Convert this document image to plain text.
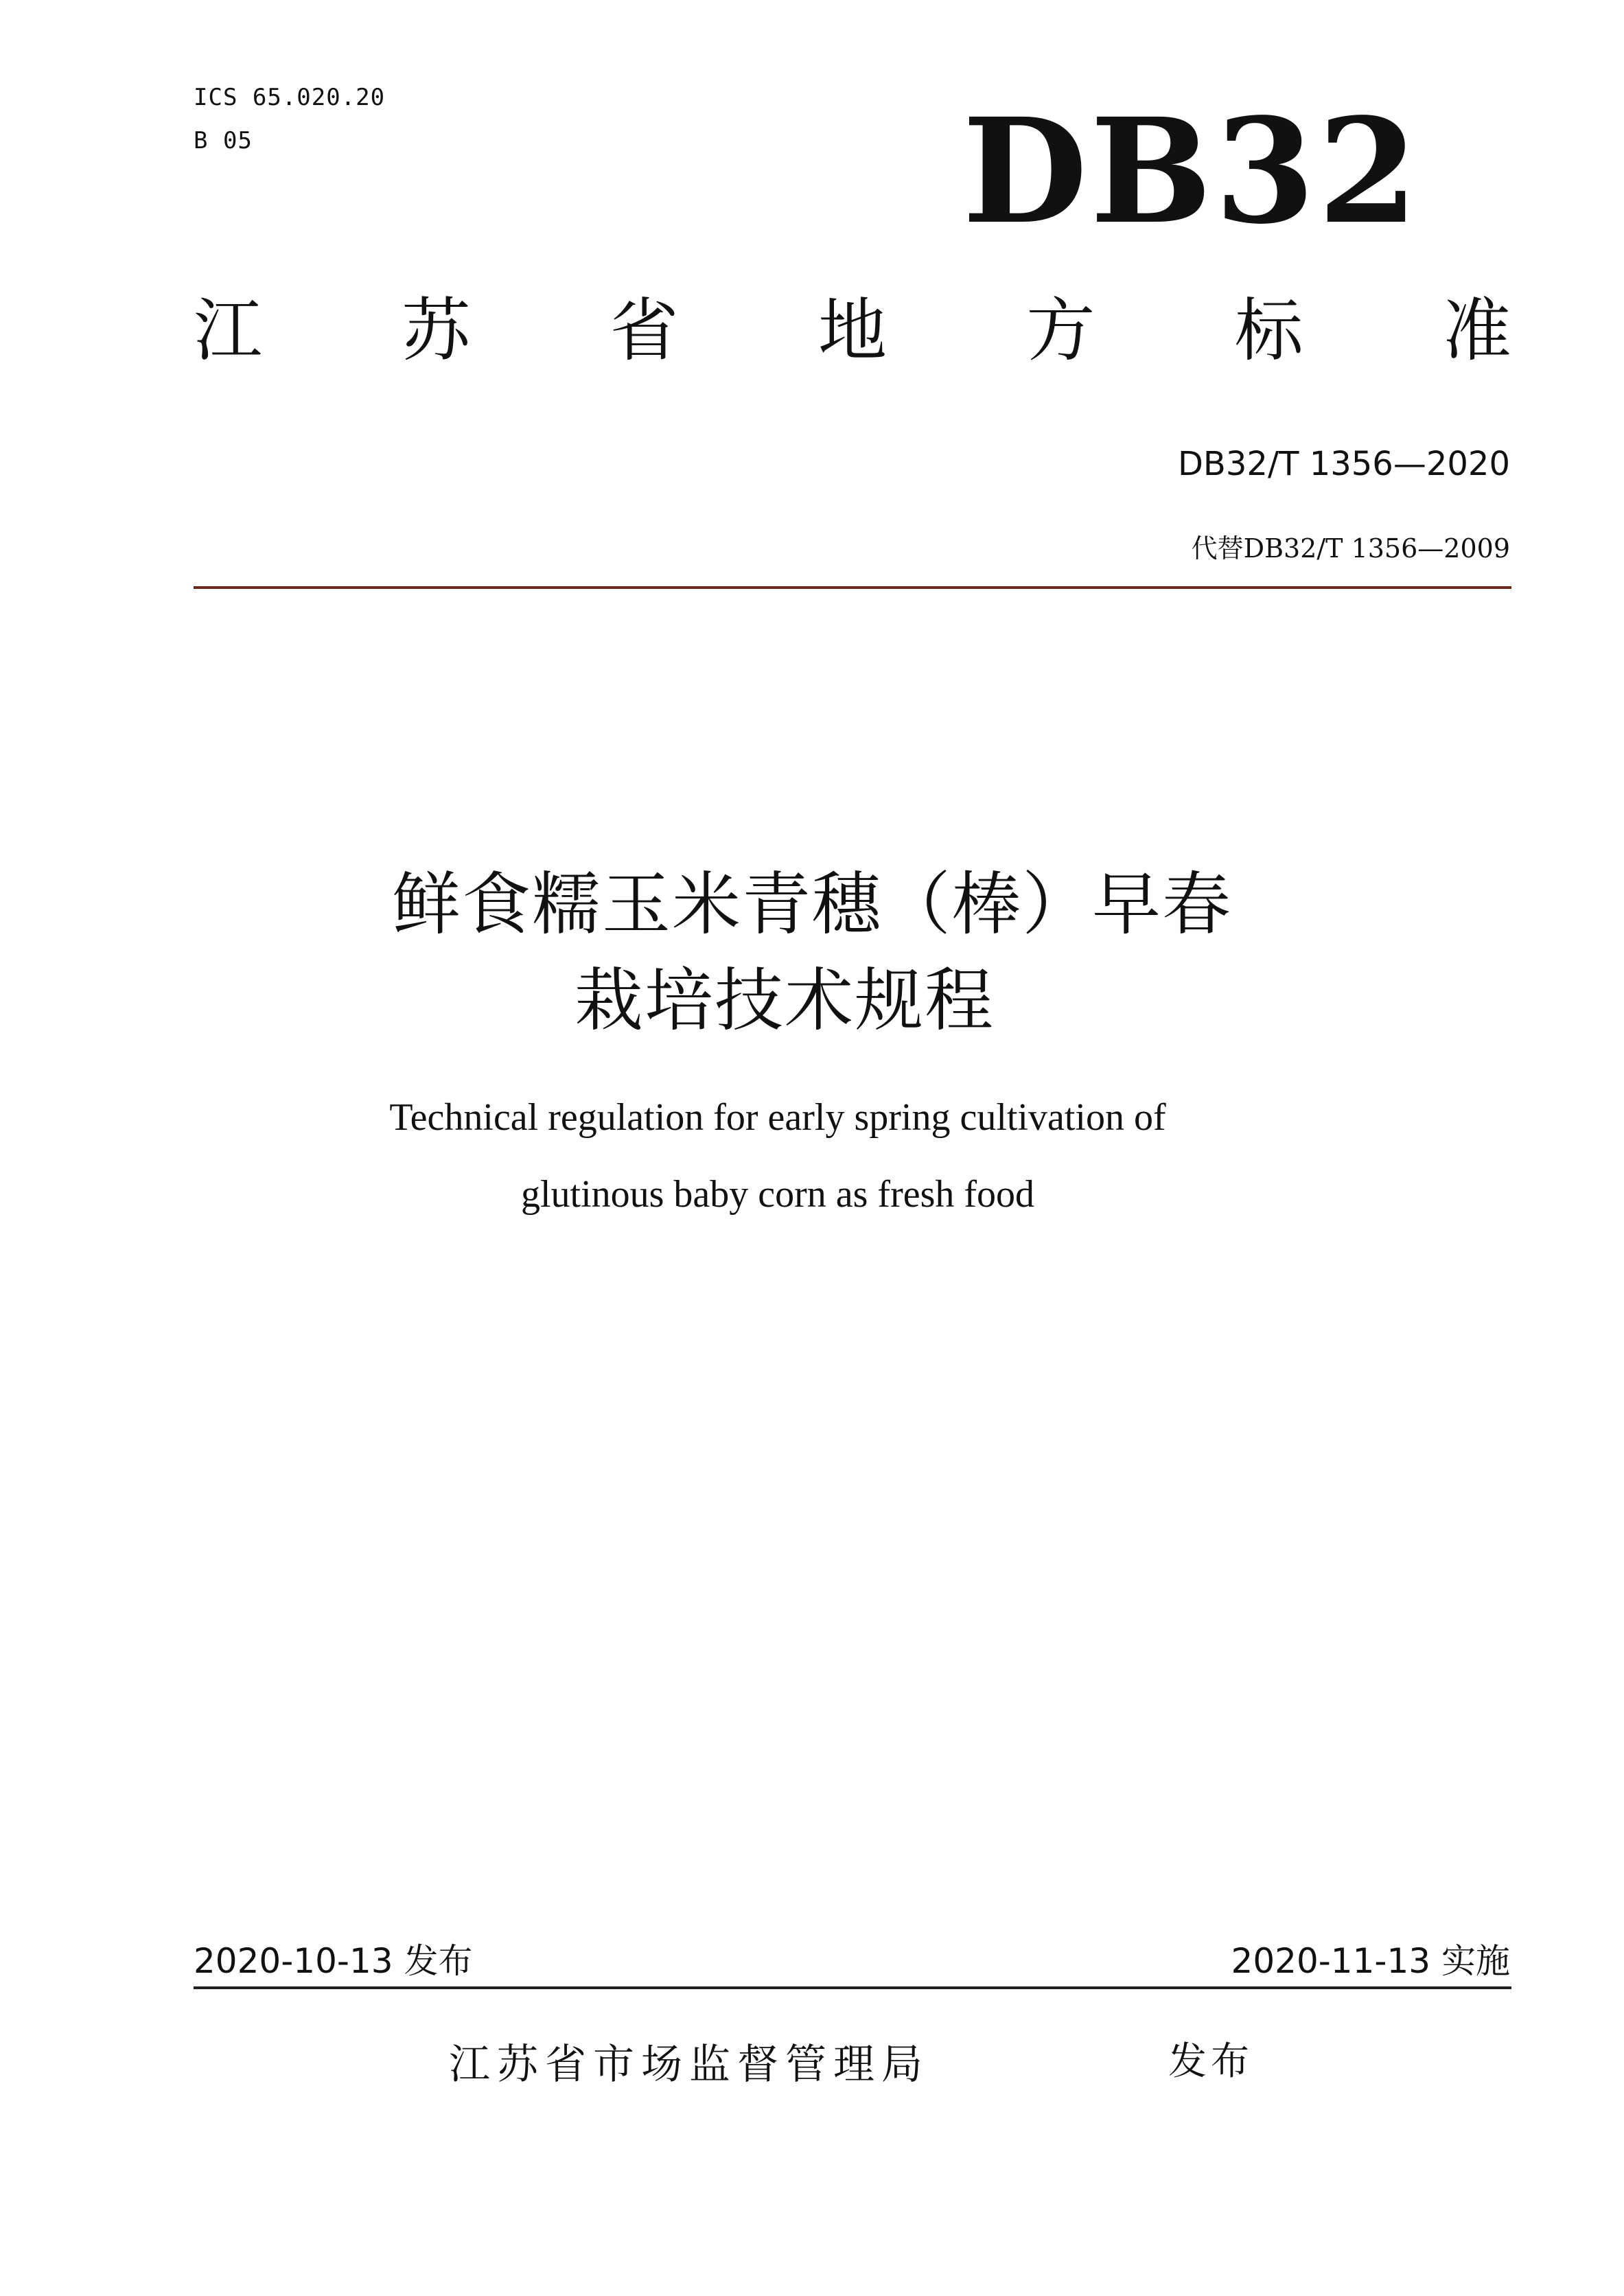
ICS 65.020.20
B 05	DB32
江 苏 省 地 方 标 准
DB32/T 1356—2020
代替DB32/T 1356—2009
鲜食糯玉米青穗（棒）早春
栽培技术规程
Technical regulation for early spring cultivation of
glutinous baby corn as fresh food
2020-10-13 发布	2020-11-13 实施
江苏省市场监督管理局	发布
